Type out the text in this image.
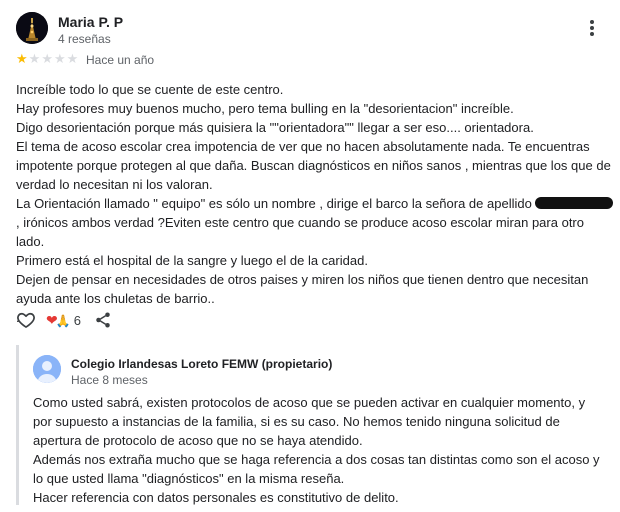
Maria P. P
4 reseñas
★★★★★ Hace un año

Increíble todo lo que se cuente de este centro.

Hay profesores muy buenos mucho, pero tema bulling en la "desorientacion" increíble.

Digo desorientación porque más quisiera la ""orientadora"" llegar a ser eso.... orientadora.

El tema de acoso escolar crea impotencia de ver que no hacen absolutamente nada. Te encuentras impotente porque protegen al que daña. Buscan diagnósticos en niños sanos , mientras que los que de verdad lo necesitan ni los valoran.

La Orientación llamado " equipo" es sólo un nombre , dirige el barco la señora de apellido , irónicos ambos verdad ?Eviten este centro que cuando se produce acoso escolar miran para otro lado.

Primero está el hospital de la sangre y luego el de la caridad.

Dejen de pensar en necesidades de otros paises y miren los niños que tienen dentro que necesitan ayuda ante los chuletas de barrio..

.	❤🙏 6
Colegio Irlandesas Loreto FEMW (propietario)
Hace 8 meses

Como usted sabrá, existen protocolos de acoso que se pueden activar en cualquier momento, y por supuesto a instancias de la familia, si es su caso. No hemos tenido ninguna solicitud de apertura de protocolo de acoso que no se haya atendido.

Además nos extraña mucho que se haga referencia a dos cosas tan distintas como son el acoso y lo que usted llama "diagnósticos" en la misma reseña.

Hacer referencia con datos personales es constitutivo de delito.
